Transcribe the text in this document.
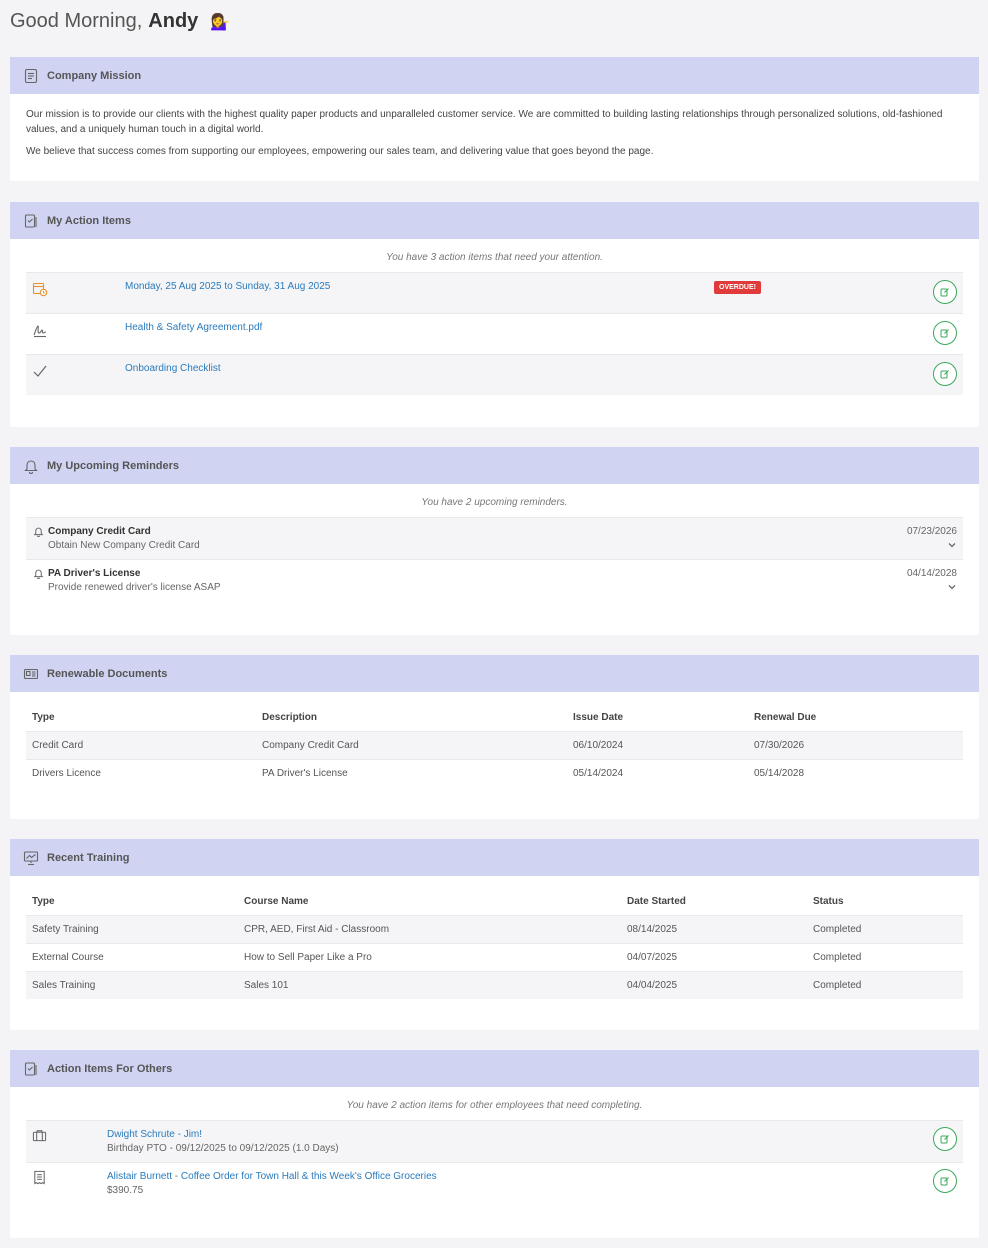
Good Morning, Andy 💁‍♀️
Company Mission

Our mission is to provide our clients with the highest quality paper products and unparalleled customer service. We are committed to building lasting relationships through personalized solutions, old-fashioned values, and a uniquely human touch in a digital world.

We believe that success comes from supporting our employees, empowering our sales team, and delivering value that goes beyond the page.

My Action Items
You have 3 action items that need your attention.
Monday, 25 Aug 2025 to Sunday, 31 Aug 2025	OVERDUE!
Health & Safety Agreement.pdf
Onboarding Checklist
My Upcoming Reminders
You have 2 upcoming reminders.
Company Credit Card
Obtain New Company Credit Card
07/23/2026
PA Driver's License
Provide renewed driver's license ASAP
04/14/2028
Renewable Documents
Type	Description	Issue Date	Renewal Due
Credit Card	Company Credit Card	06/10/2024	07/30/2026
Drivers Licence	PA Driver's License	05/14/2024	05/14/2028
Recent Training
Type	Course Name	Date Started	Status
Safety Training	CPR, AED, First Aid - Classroom	08/14/2025	Completed
External Course	How to Sell Paper Like a Pro	04/07/2025	Completed
Sales Training	Sales 101	04/04/2025	Completed
Action Items For Others
You have 2 action items for other employees that need completing.
Dwight Schrute - Jim!
Birthday PTO - 09/12/2025 to 09/12/2025 (1.0 Days)
Alistair Burnett - Coffee Order for Town Hall & this Week's Office Groceries
$390.75
